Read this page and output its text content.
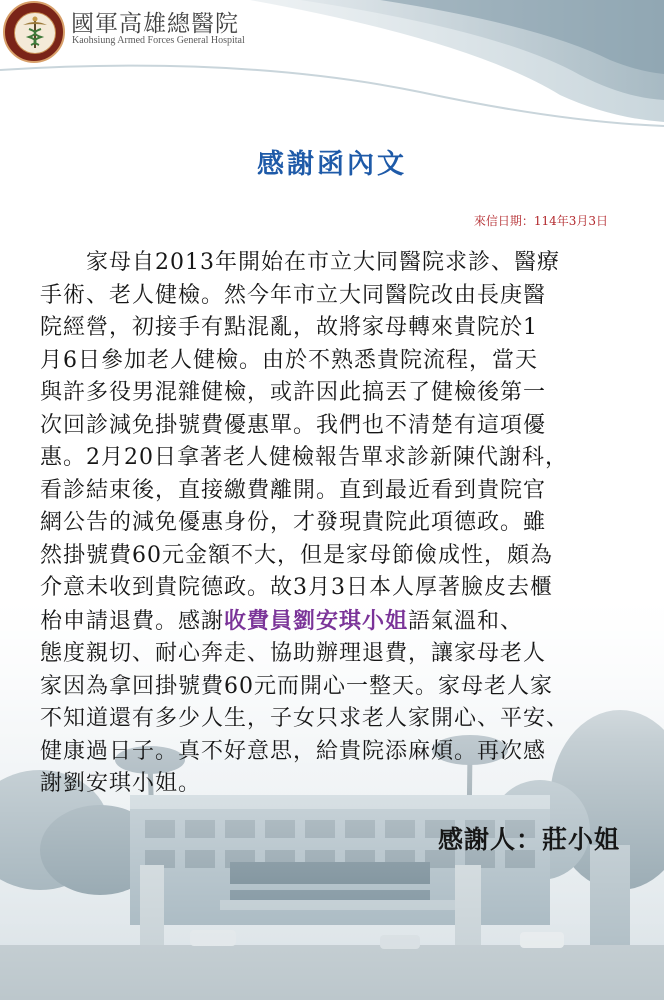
國軍高雄總醫院
Kaohsiung Armed Forces General Hospital
感謝函內文
來信日期：114年3月3日
家母自2013年開始在市立大同醫院求診、醫療
手術、老人健檢。然今年市立大同醫院改由長庚醫
院經營，初接手有點混亂，故將家母轉來貴院於1
月6日參加老人健檢。由於不熟悉貴院流程，當天
與許多役男混雜健檢，或許因此搞丟了健檢後第一
次回診減免掛號費優惠單。我們也不清楚有這項優
惠。2月20日拿著老人健檢報告單求診新陳代謝科，
看診結束後，直接繳費離開。直到最近看到貴院官
網公告的減免優惠身份，才發現貴院此項德政。雖
然掛號費60元金額不大，但是家母節儉成性，頗為
介意未收到貴院德政。故3月3日本人厚著臉皮去櫃
枱申請退費。感謝收費員劉安琪小姐語氣溫和、
態度親切、耐心奔走、協助辦理退費，讓家母老人
家因為拿回掛號費60元而開心一整天。家母老人家
不知道還有多少人生，子女只求老人家開心、平安、
健康過日子。真不好意思，給貴院添麻煩。再次感
謝劉安琪小姐。
感謝人：莊小姐
